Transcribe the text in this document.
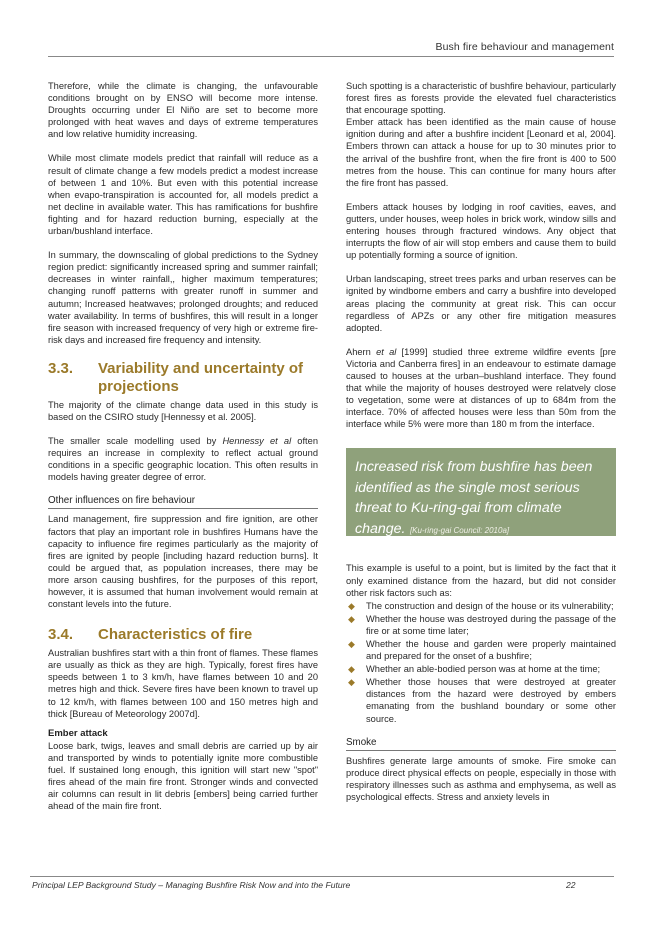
Bush fire behaviour and management

Therefore, while the climate is changing, the unfavourable conditions brought on by ENSO will become more intense. Droughts occurring under El Niño are set to become more prolonged with heat waves and days of extreme temperatures and low relative humidity increasing.

While most climate models predict that rainfall will reduce as a result of climate change a few models predict a modest increase of between 1 and 10%. But even with this potential increase when evapo-transpiration is accounted for, all models predict a net decline in available water. This has ramifications for bushfire fighting and for hazard reduction burning, especially at the urban/bushland interface.

In summary, the downscaling of global predictions to the Sydney region predict: significantly increased spring and summer rainfall; decreases in winter rainfall,, higher maximum temperatures; changing runoff patterns with greater runoff in summer and autumn; Increased heatwaves; prolonged droughts; and reduced water availability. In terms of bushfires, this will result in a longer fire season with increased frequency of very high or extreme fire-risk days and increased fire frequency and intensity.

3.3.	Variability and uncertainty of projections

The majority of the climate change data used in this study is based on the CSIRO study [Hennessy et al. 2005].

The smaller scale modelling used by Hennessy et al often requires an increase in complexity to reflect actual ground conditions in a specific geographic location. This often results in models having greater degree of error.

Other influences on fire behaviour

Land management, fire suppression and fire ignition, are other factors that play an important role in bushfires Humans have the capacity to influence fire regimes particularly as the majority of fires are ignited by people [including hazard reduction burns]. It could be argued that, as population increases, there may be more arson causing bushfires, for the purposes of this report, however, it is assumed that human involvement would remain at constant levels into the future.

3.4.	Characteristics of fire

Australian bushfires start with a thin front of flames. These flames are usually as thick as they are high. Typically, forest fires have speeds between 1 to 3 km/h, have flames between 10 and 20 metres high and thick. Severe fires have been known to travel up to 12 km/h, with flames between 100 and 150 metres high and thick [Bureau of Meteorology 2007d].

Ember attack

Loose bark, twigs, leaves and small debris are carried up by air and transported by winds to potentially ignite more combustible fuel. If sustained long enough, this ignition will start new "spot" fires ahead of the main fire front. Stronger winds and convected air columns can result in lit debris [embers] being carried further ahead of the main fire front.

Such spotting is a characteristic of bushfire behaviour, particularly forest fires as forests provide the elevated fuel characteristics that encourage spotting.

Ember attack has been identified as the main cause of house ignition during and after a bushfire incident [Leonard et al, 2004]. Embers thrown can attack a house for up to 30 minutes prior to the arrival of the bushfire front, when the fire front is 400 to 500 metres from the house. This can continue for many hours after the fire front has passed.

Embers attack houses by lodging in roof cavities, eaves, and gutters, under houses, weep holes in brick work, window sills and entering houses through fractured windows. Any object that interrupts the flow of air will stop embers and cause them to build up potentially forming a source of ignition.

Urban landscaping, street trees parks and urban reserves can be ignited by windborne embers and carry a bushfire into developed areas placing the community at great risk. This can occur regardless of APZs or any other fire mitigation measures adopted.

Ahern et al [1999] studied three extreme wildfire events [pre Victoria and Canberra fires] in an endeavour to estimate damage caused to houses at the urban–bushland interface. They found that while the majority of houses destroyed were relatvely close to vegetation, some were at distances of up to 684m from the interface. 70% of affected houses were less than 50m from the interface while 5% were more than 180 m from the interface.

Increased risk from bushfire has been identified as the single most serious threat to Ku-ring-gai from climate change. [Ku-ring-gai Council: 2010a]

This example is useful to a point, but is limited by the fact that it only examined distance from the hazard, but did not consider other risk factors such as:

◆ The construction and design of the house or its vulnerability;
◆ Whether the house was destroyed during the passage of the fire or at some time later;
◆ Whether the house and garden were properly maintained and prepared for the onset of a bushfire;
◆ Whether an able-bodied person was at home at the time;
◆ Whether those houses that were destroyed at greater distances from the hazard were destroyed by embers emanating from the bushland boundary or some other source.
Smoke

Bushfires generate large amounts of smoke. Fire smoke can produce direct physical effects on people, especially in those with respiratory illnesses such as asthma and emphysema, as well as psychological effects. Stress and anxiety levels in

Principal LEP Background Study – Managing Bushfire Risk Now and into the Future	22
